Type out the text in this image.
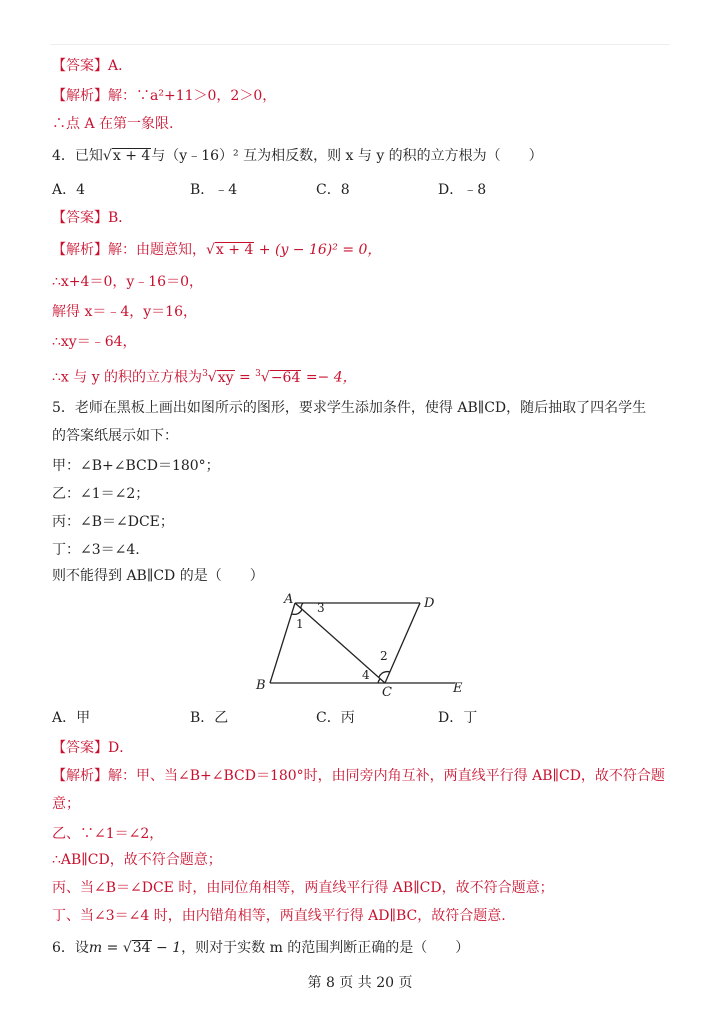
【答案】A．
【解析】解：∵a²+11＞0，2＞0，
∴点 A 在第一象限.
4．已知√x + 4与（y﹣16）² 互为相反数，则 x 与 y 的积的立方根为（　　）
A．4	B．﹣4	C．8	D．﹣8
【答案】B．
【解析】解：由题意知，√x + 4 + (y − 16)² = 0，
∴x+4＝0，y﹣16＝0，
解得 x＝﹣4，y＝16，
∴xy＝﹣64，
∴x 与 y 的积的立方根为$^3$√xy = $^3$√−64 =− 4，
5．老师在黑板上画出如图所示的图形，要求学生添加条件，使得 AB∥CD，随后抽取了四名学生
的答案纸展示如下：
甲：∠B+∠BCD＝180°；
乙：∠1＝∠2；
丙：∠B＝∠DCE；
丁：∠3＝∠4.
则不能得到 AB∥CD 的是（　　）
A	D
B	C	E
1
3
2
4
A．甲	B．乙	C．丙	D．丁
【答案】D．
【解析】解：甲、当∠B+∠BCD＝180°时，由同旁内角互补，两直线平行得 AB∥CD，故不符合题
意；
乙、∵∠1＝∠2，
∴AB∥CD，故不符合题意；
丙、当∠B＝∠DCE 时，由同位角相等，两直线平行得 AB∥CD，故不符合题意；
丁、当∠3＝∠4 时，由内错角相等，两直线平行得 AD∥BC，故符合题意.
6．设m = √34 − 1，则对于实数 m 的范围判断正确的是（　　）
第 8 页 共 20 页
